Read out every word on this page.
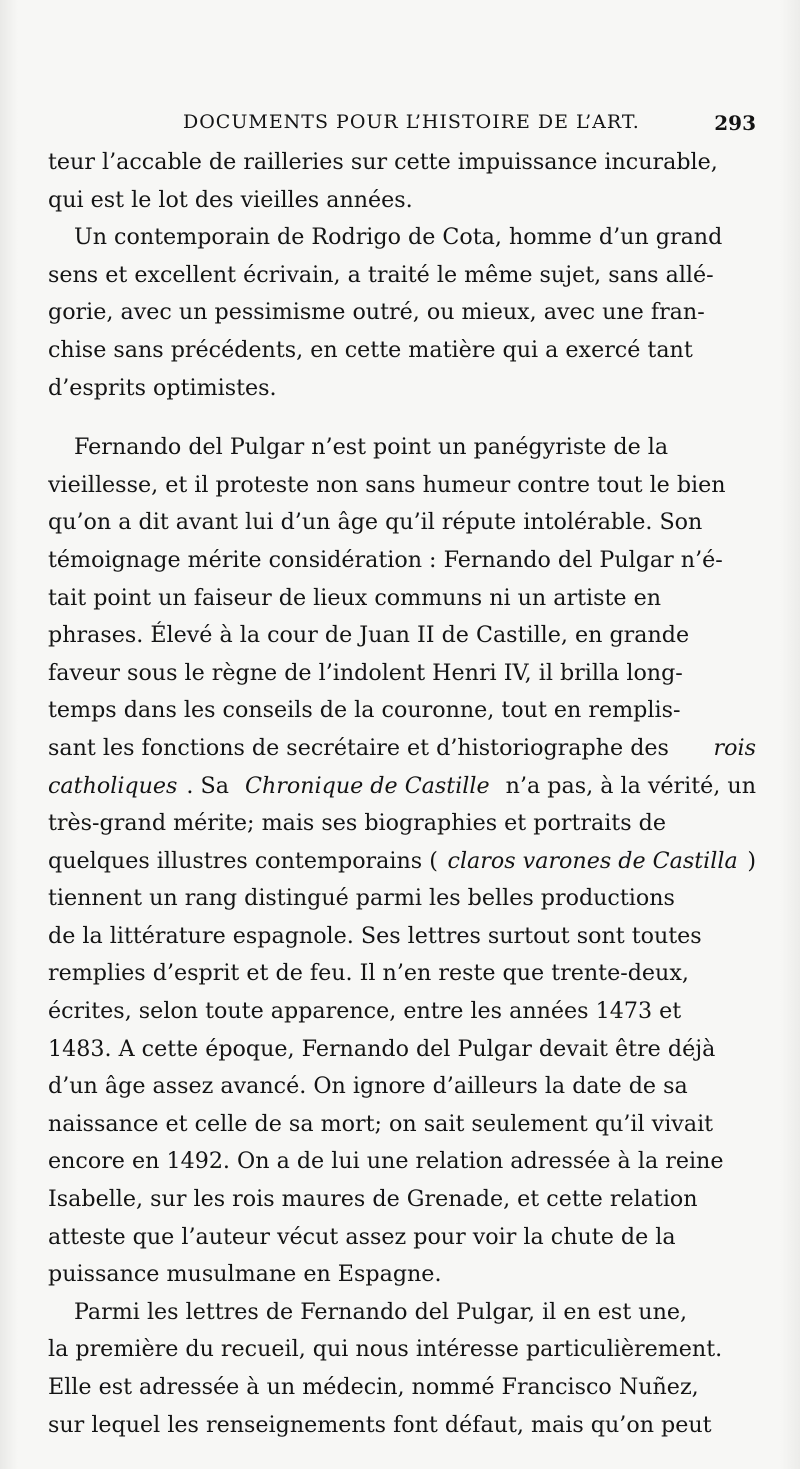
DOCUMENTS POUR L’HISTOIRE DE L’ART.	293
teur l’accable de railleries sur cette impuissance incurable,
qui est le lot des vieilles années.
Un contemporain de Rodrigo de Cota, homme d’un grand
sens et excellent écrivain, a traité le même sujet, sans allé-
gorie, avec un pessimisme outré, ou mieux, avec une fran-
chise sans précédents, en cette matière qui a exercé tant
d’esprits optimistes.
Fernando del Pulgar n’est point un panégyriste de la
vieillesse, et il proteste non sans humeur contre tout le bien
qu’on a dit avant lui d’un âge qu’il répute intolérable. Son
témoignage mérite considération : Fernando del Pulgar n’é-
tait point un faiseur de lieux communs ni un artiste en
phrases. Élevé à la cour de Juan II de Castille, en grande
faveur sous le règne de l’indolent Henri IV, il brilla long-
temps dans les conseils de la couronne, tout en remplis-
sant les fonctions de secrétaire et d’historiographe des rois
catholiques . Sa Chronique de Castille n’a pas, à la vérité, un
très-grand mérite; mais ses biographies et portraits de
quelques illustres contemporains ( claros varones de Castilla )
tiennent un rang distingué parmi les belles productions
de la littérature espagnole. Ses lettres surtout sont toutes
remplies d’esprit et de feu. Il n’en reste que trente-deux,
écrites, selon toute apparence, entre les années 1473 et
1483. A cette époque, Fernando del Pulgar devait être déjà
d’un âge assez avancé. On ignore d’ailleurs la date de sa
naissance et celle de sa mort; on sait seulement qu’il vivait
encore en 1492. On a de lui une relation adressée à la reine
Isabelle, sur les rois maures de Grenade, et cette relation
atteste que l’auteur vécut assez pour voir la chute de la
puissance musulmane en Espagne.
Parmi les lettres de Fernando del Pulgar, il en est une,
la première du recueil, qui nous intéresse particulièrement.
Elle est adressée à un médecin, nommé Francisco Nuñez,
sur lequel les renseignements font défaut, mais qu’on peut
